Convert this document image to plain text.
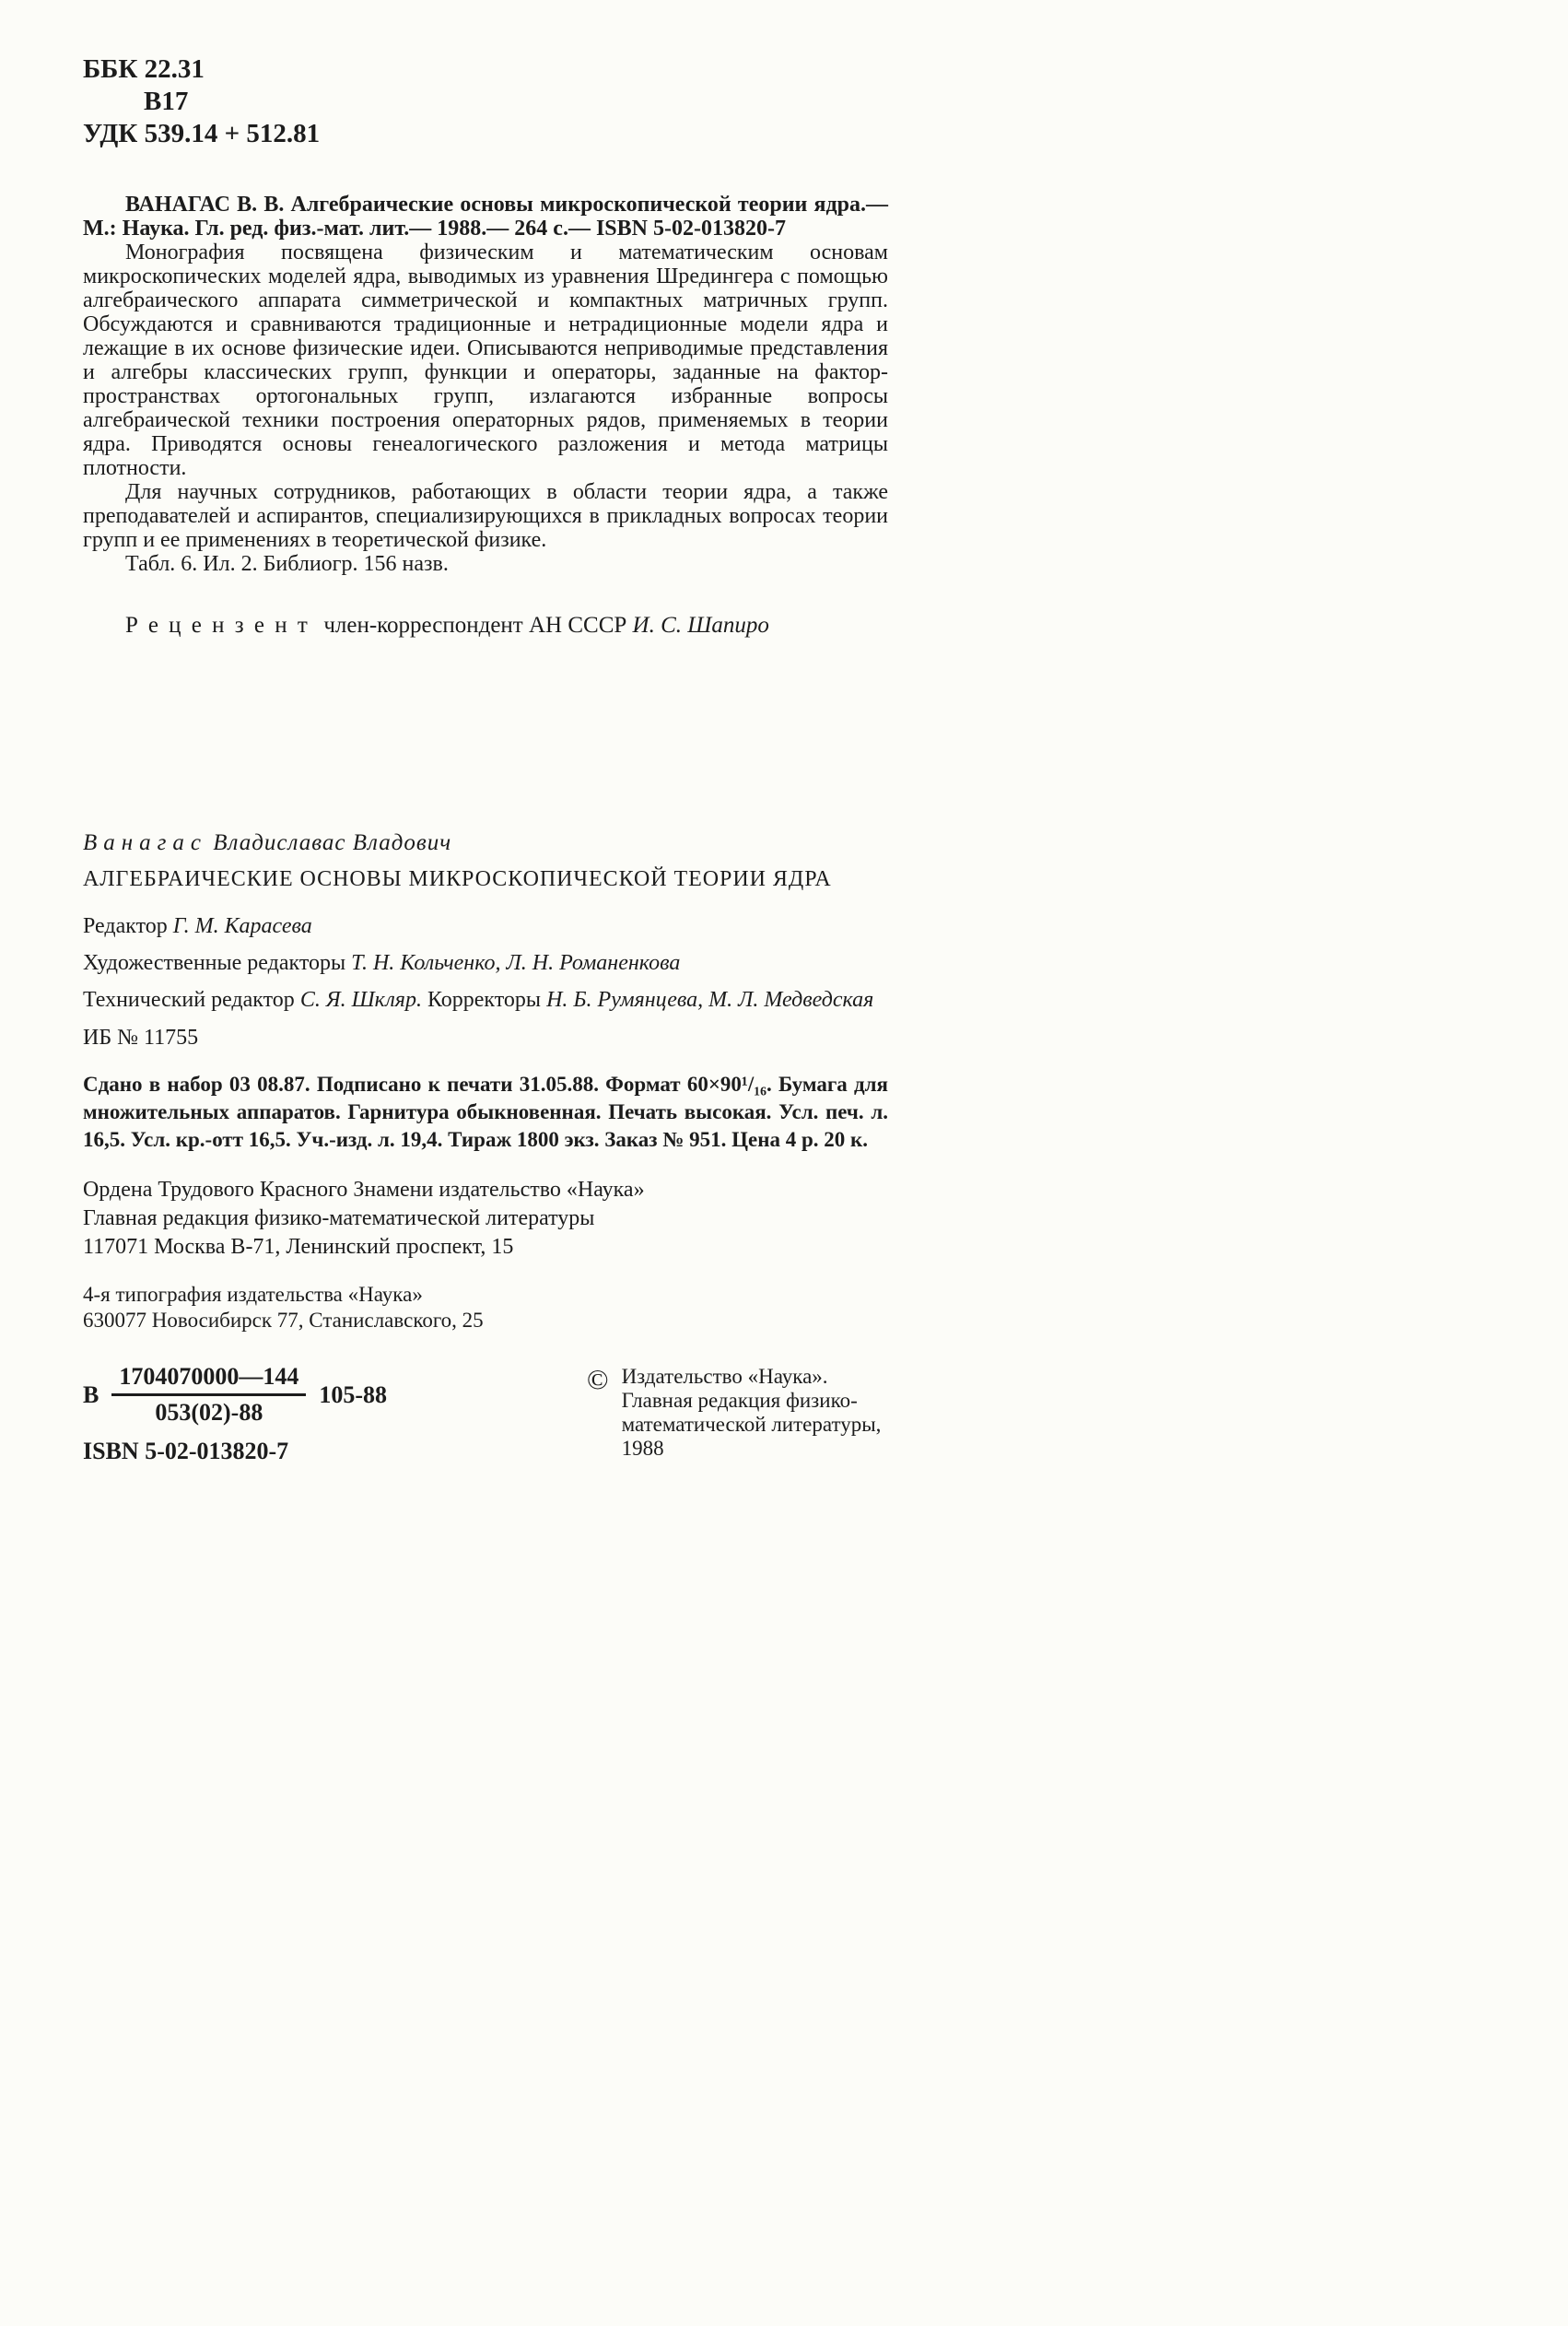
ББК 22.31
В17
УДК 539.14 + 512.81

ВАНАГАС В. В. Алгебраические основы микроскопической теории ядра.— М.: Наука. Гл. ред. физ.-мат. лит.— 1988.— 264 с.— ISBN 5-02-013820-7

Монография посвящена физическим и математическим основам микроскопических моделей ядра, выводимых из уравнения Шредингера с помощью алгебраического аппарата симметрической и компактных матричных групп. Обсуждаются и сравниваются традиционные и нетрадиционные модели ядра и лежащие в их основе физические идеи. Описываются неприводимые представления и алгебры классических групп, функции и операторы, заданные на фактор-пространствах ортогональных групп, излагаются избранные вопросы алгебраической техники построения операторных рядов, применяемых в теории ядра. Приводятся основы генеалогического разложения и метода матрицы плотности.

Для научных сотрудников, работающих в области теории ядра, а также преподавателей и аспирантов, специализирующихся в прикладных вопросах теории групп и ее применениях в теоретической физике.

Табл. 6. Ил. 2. Библиогр. 156 назв.

Рецензент член-корреспондент АН СССР И. С. Шапиро
Ванагас Владиславас Владович
АЛГЕБРАИЧЕСКИЕ ОСНОВЫ МИКРОСКОПИЧЕСКОЙ ТЕОРИИ ЯДРА

Редактор Г. М. Карасева

Художественные редакторы Т. Н. Кольченко, Л. Н. Романенкова

Технический редактор С. Я. Шкляр. Корректоры Н. Б. Румянцева, М. Л. Медведская

ИБ № 11755

Сдано в набор 03 08.87. Подписано к печати 31.05.88. Формат 60×90¹/₁₆. Бумага для множительных аппаратов. Гарнитура обыкновенная. Печать высокая. Усл. печ. л. 16,5. Усл. кр.-отт 16,5. Уч.-изд. л. 19,4. Тираж 1800 экз. Заказ № 951. Цена 4 р. 20 к.

Ордена Трудового Красного Знамени издательство «Наука»
Главная редакция физико-математической литературы
117071 Москва В-71, Ленинский проспект, 15
4-я типография издательства «Наука»
630077 Новосибирск 77, Станиславского, 25
В $\frac{1704070000—144}{053(02)-88} 105-88$
ISBN 5-02-013820-7
© Издательство «Наука».
Главная редакция физико-
математической литературы,
1988
